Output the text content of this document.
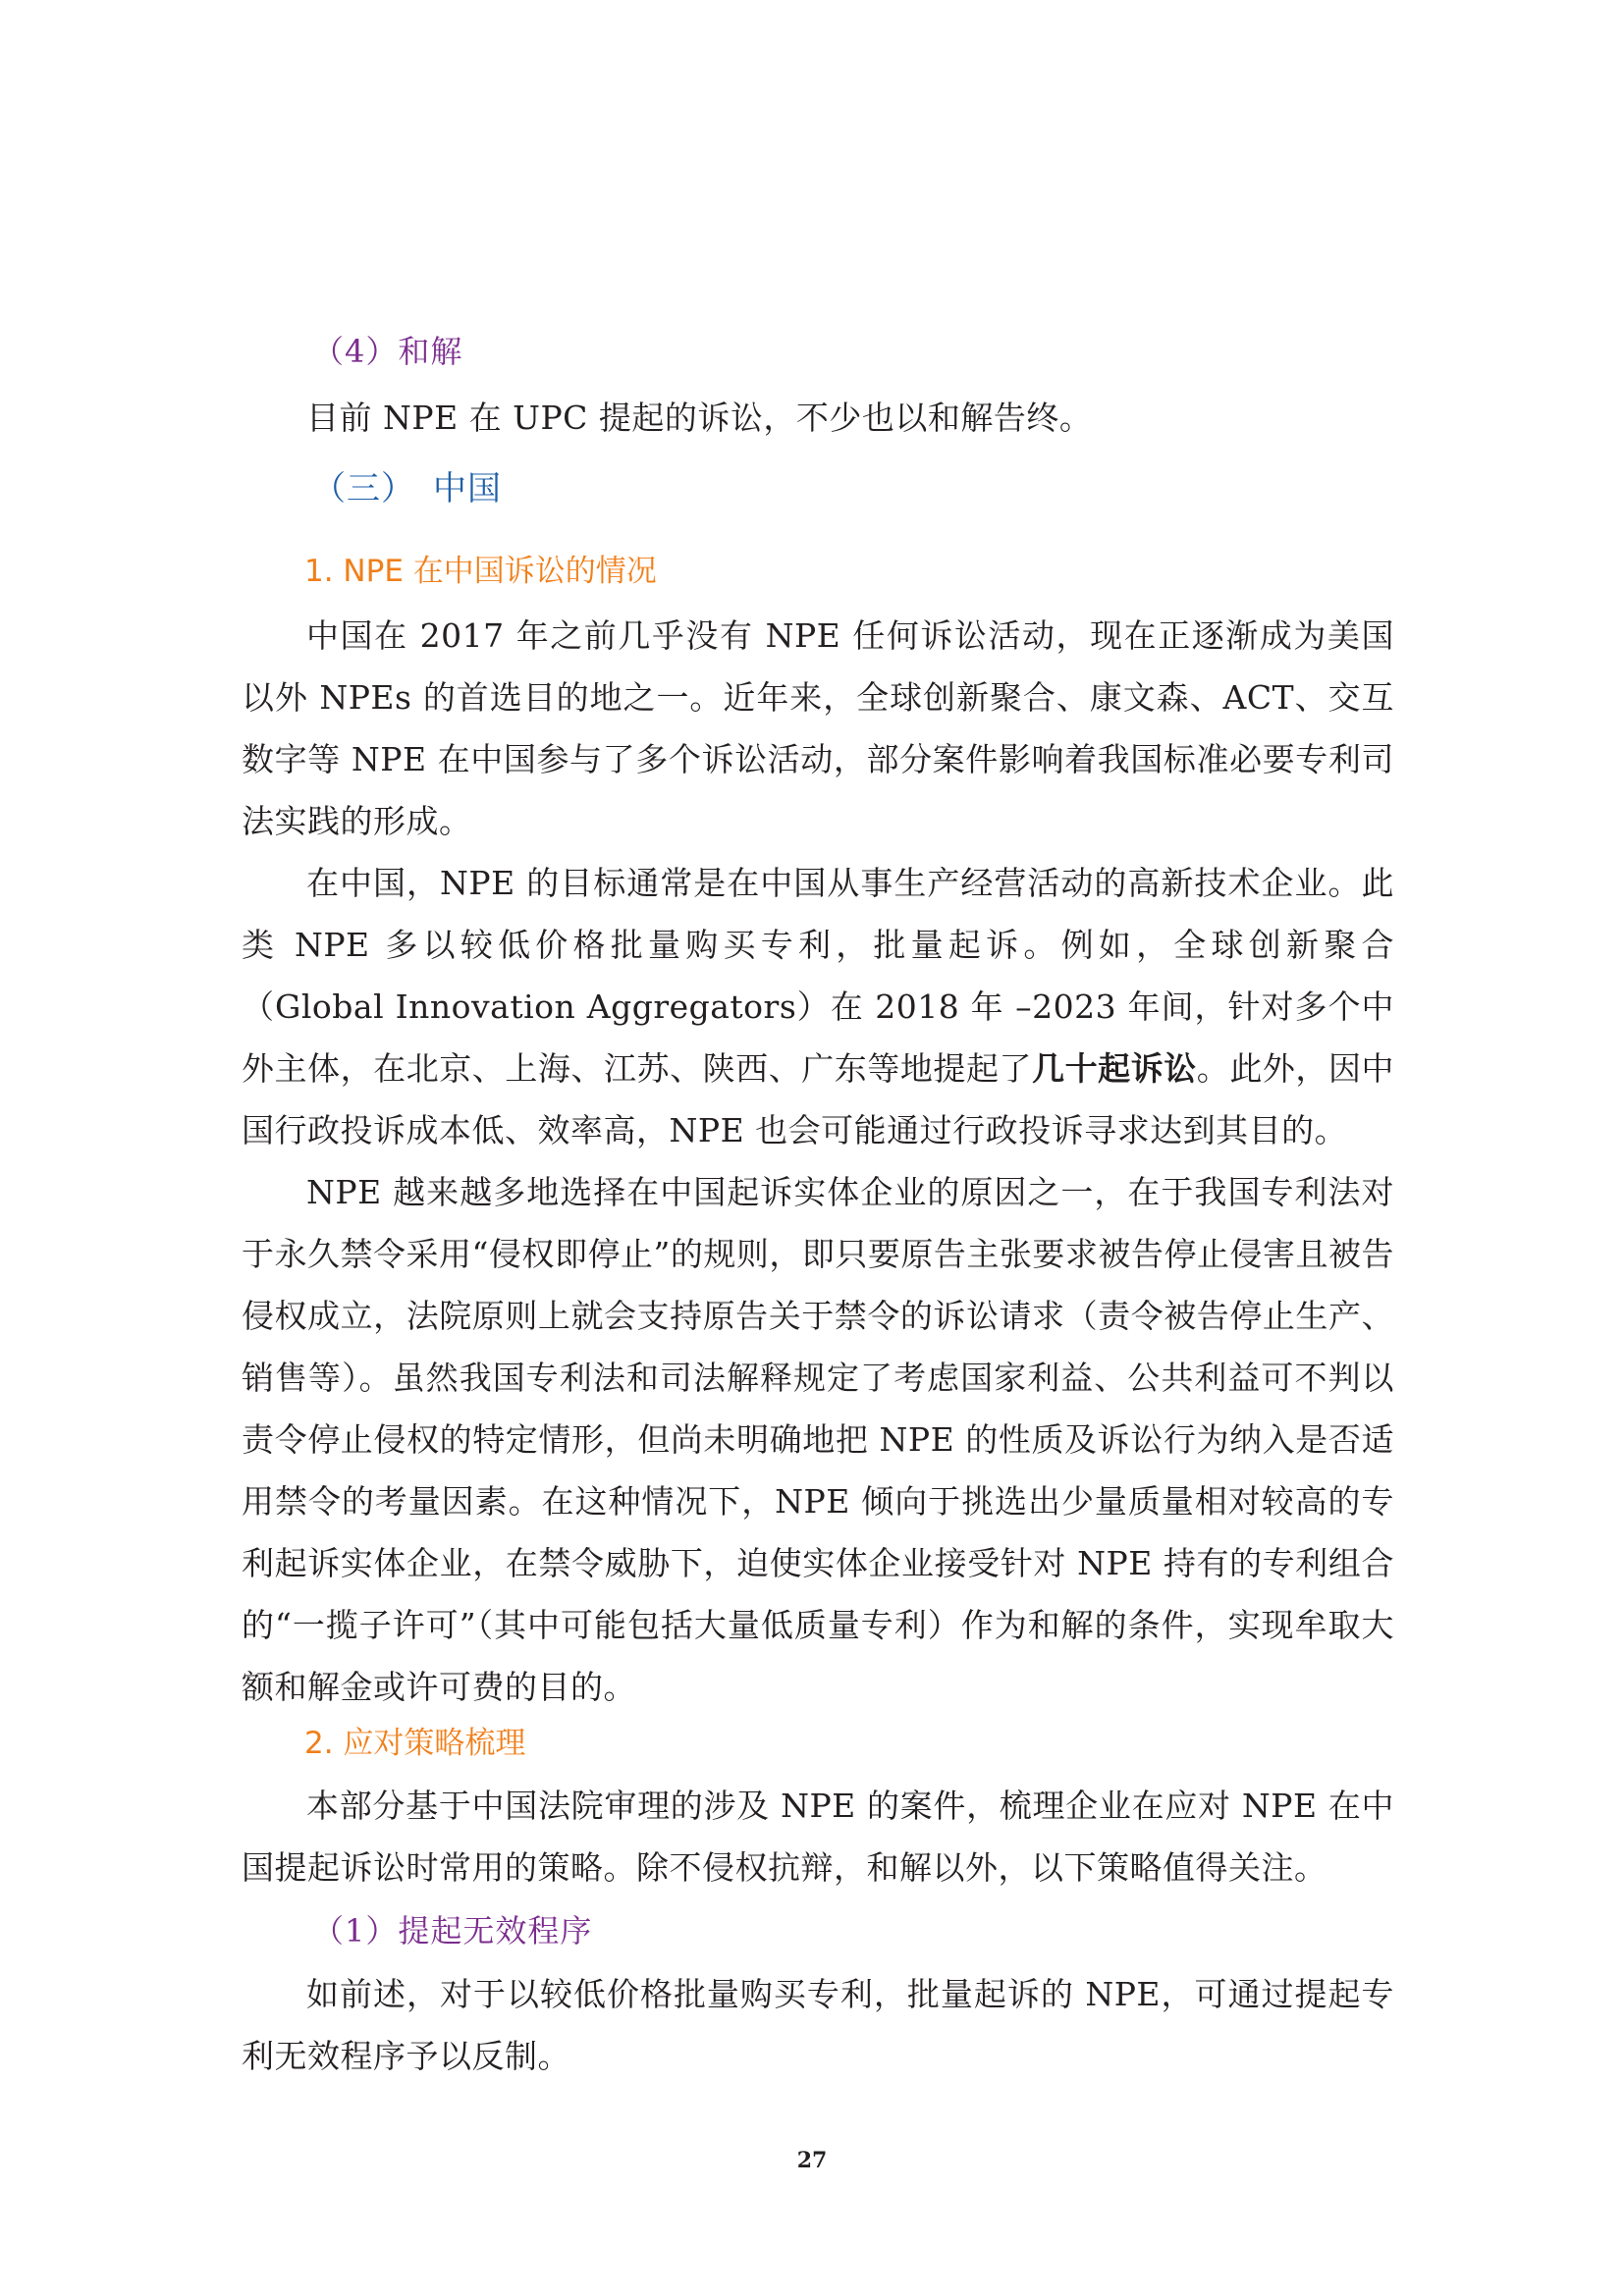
（4）和解

目前 NPE 在 UPC 提起的诉讼，不少也以和解告终。

（三）　中国
1. NPE 在中国诉讼的情况

中国在 2017 年之前几乎没有 NPE 任何诉讼活动，现在正逐渐成为美国以外 NPEs 的首选目的地之一。近年来，全球创新聚合、康文森、ACT、交互数字等 NPE 在中国参与了多个诉讼活动，部分案件影响着我国标准必要专利司法实践的形成。

在中国，NPE 的目标通常是在中国从事生产经营活动的高新技术企业。此类 NPE 多以较低价格批量购买专利，批量起诉。例如，全球创新聚合（Global Innovation Aggregators）在 2018 年 –2023 年间，针对多个中外主体，在北京、上海、江苏、陕西、广东等地提起了几十起诉讼。此外，因中国行政投诉成本低、效率高，NPE 也会可能通过行政投诉寻求达到其目的。

NPE 越来越多地选择在中国起诉实体企业的原因之一，在于我国专利法对于永久禁令采用“侵权即停止”的规则，即只要原告主张要求被告停止侵害且被告侵权成立，法院原则上就会支持原告关于禁令的诉讼请求（责令被告停止生产、销售等）。虽然我国专利法和司法解释规定了考虑国家利益、公共利益可不判以责令停止侵权的特定情形，但尚未明确地把 NPE 的性质及诉讼行为纳入是否适用禁令的考量因素。在这种情况下，NPE 倾向于挑选出少量质量相对较高的专利起诉实体企业，在禁令威胁下，迫使实体企业接受针对 NPE 持有的专利组合的“一揽子许可”（其中可能包括大量低质量专利）作为和解的条件，实现牟取大额和解金或许可费的目的。

2. 应对策略梳理

本部分基于中国法院审理的涉及 NPE 的案件，梳理企业在应对 NPE 在中国提起诉讼时常用的策略。除不侵权抗辩，和解以外，以下策略值得关注。

（1）提起无效程序

如前述，对于以较低价格批量购买专利，批量起诉的 NPE，可通过提起专利无效程序予以反制。

27
